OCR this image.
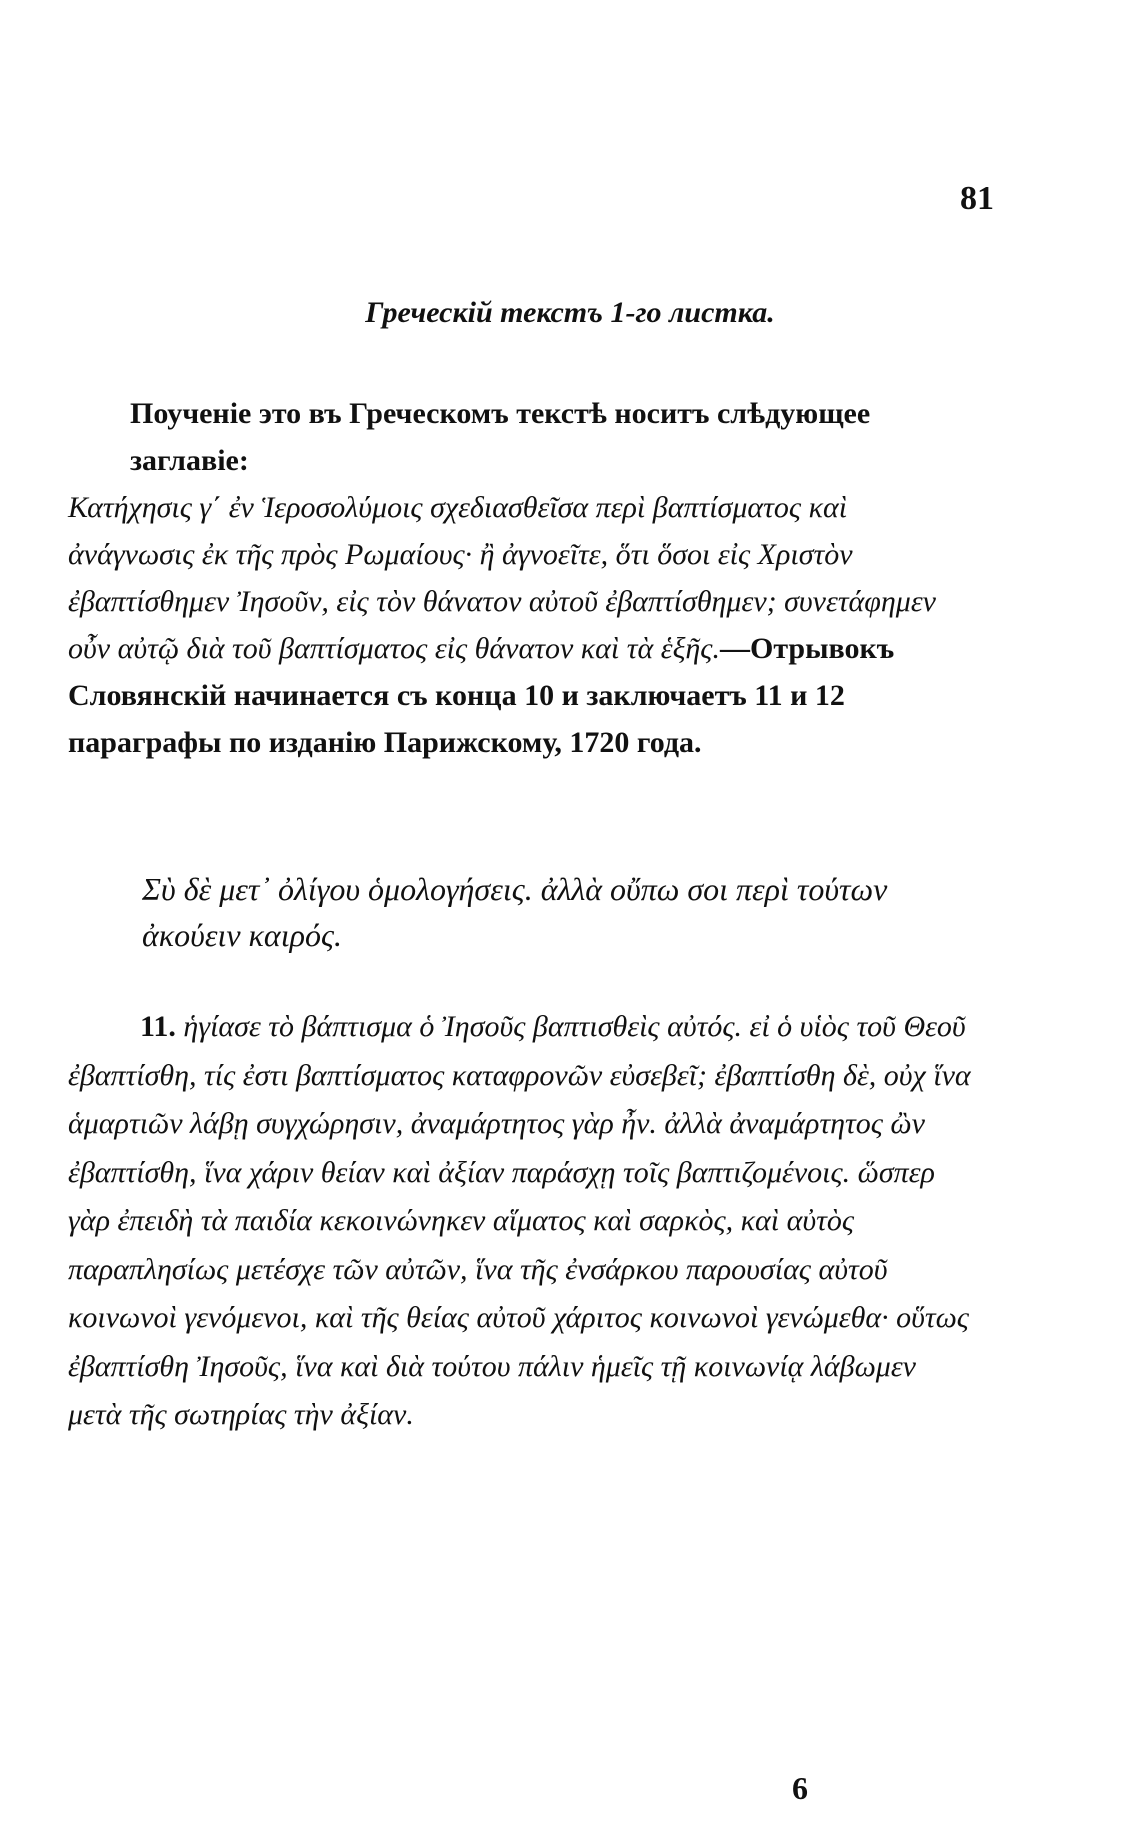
81
Греческій текстъ 1-го листка.
Поученіе это въ Греческомъ текстѣ носитъ слѣдующее заглавіе:
Κατήχησις γ΄ ἐν Ἱεροσολύμοις σχεδιασθεῖσα περὶ βαπτίσματος καὶ ἀνάγνωσις ἐκ τῆς πρὸς Ρωμαίους· ἢ ἀγνοεῖτε, ὅτι ὅσοι εἰς Χριστὸν ἐβαπτίσθημεν Ἰησοῦν, εἰς τὸν θάνατον αὐτοῦ ἐβαπτίσθημεν; συνετάφημεν οὖν αὐτῷ διὰ τοῦ βαπτίσματος εἰς θάνατον καὶ τὰ ἑξῆς.—Отрывокъ Словянскій начинается съ конца 10 и заключаетъ 11 и 12 параграфы по изданію Парижскому, 1720 года.
Σὺ δὲ μετ᾽ ὀλίγου ὁμολογήσεις. ἀλλὰ οὔπω σοι περὶ τούτων ἀκούειν καιρός.
11. ἡγίασε τὸ βάπτισμα ὁ Ἰησοῦς βαπτισθεὶς αὐτός. εἰ ὁ υἱὸς τοῦ Θεοῦ ἐβαπτίσθη, τίς ἐστι βαπτίσματος καταφρονῶν εὐσεβεῖ; ἐβαπτίσθη δὲ, οὐχ ἵνα ἁμαρτιῶν λάβῃ συγχώρησιν, ἀναμάρτητος γὰρ ἦν. ἀλλὰ ἀναμάρτητος ὢν ἐβαπτίσθη, ἵνα χάριν θείαν καὶ ἀξίαν παράσχῃ τοῖς βαπτιζομένοις. ὥσπερ γὰρ ἐπειδὴ τὰ παιδία κεκοινώνηκεν αἵματος καὶ σαρκὸς, καὶ αὐτὸς παραπλησίως μετέσχε τῶν αὐτῶν, ἵνα τῆς ἐνσάρκου παρουσίας αὐτοῦ κοινωνοὶ γενόμενοι, καὶ τῆς θείας αὐτοῦ χάριτος κοινωνοὶ γενώμεθα· οὕτως ἐβαπτίσθη Ἰησοῦς, ἵνα καὶ διὰ τούτου πάλιν ἡμεῖς τῇ κοινωνίᾳ λάβωμεν μετὰ τῆς σωτηρίας τὴν ἀξίαν.
6
